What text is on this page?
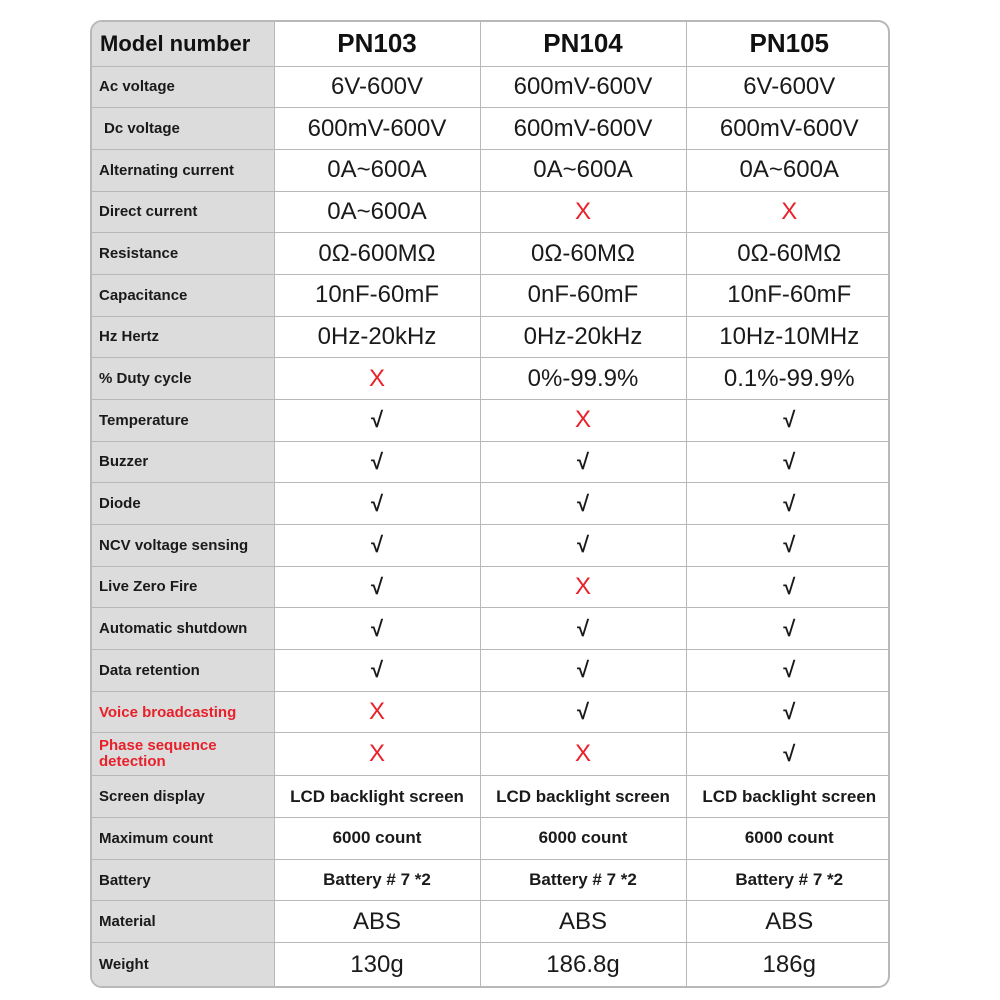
Model number	PN103	PN104	PN105
Ac voltage	6V-600V	600mV-600V	6V-600V
Dc voltage	600mV-600V	600mV-600V	600mV-600V
Alternating current	0A~600A	0A~600A	0A~600A
Direct current	0A~600A	X	X
Resistance	0Ω-600MΩ	0Ω-60MΩ	0Ω-60MΩ
Capacitance	10nF-60mF	0nF-60mF	10nF-60mF
Hz Hertz	0Hz-20kHz	0Hz-20kHz	10Hz-10MHz
% Duty cycle	X	0%-99.9%	0.1%-99.9%
Temperature	√	X	√
Buzzer	√	√	√
Diode	√	√	√
NCV voltage sensing	√	√	√
Live Zero Fire	√	X	√
Automatic shutdown	√	√	√
Data retention	√	√	√
Voice broadcasting	X	√	√
Phase sequence detection	X	X	√
Screen display	LCD backlight screen	LCD backlight screen	LCD backlight screen
Maximum count	6000 count	6000 count	6000 count
Battery	Battery # 7 *2	Battery # 7 *2	Battery # 7 *2
Material	ABS	ABS	ABS
Weight	130g	186.8g	186g
